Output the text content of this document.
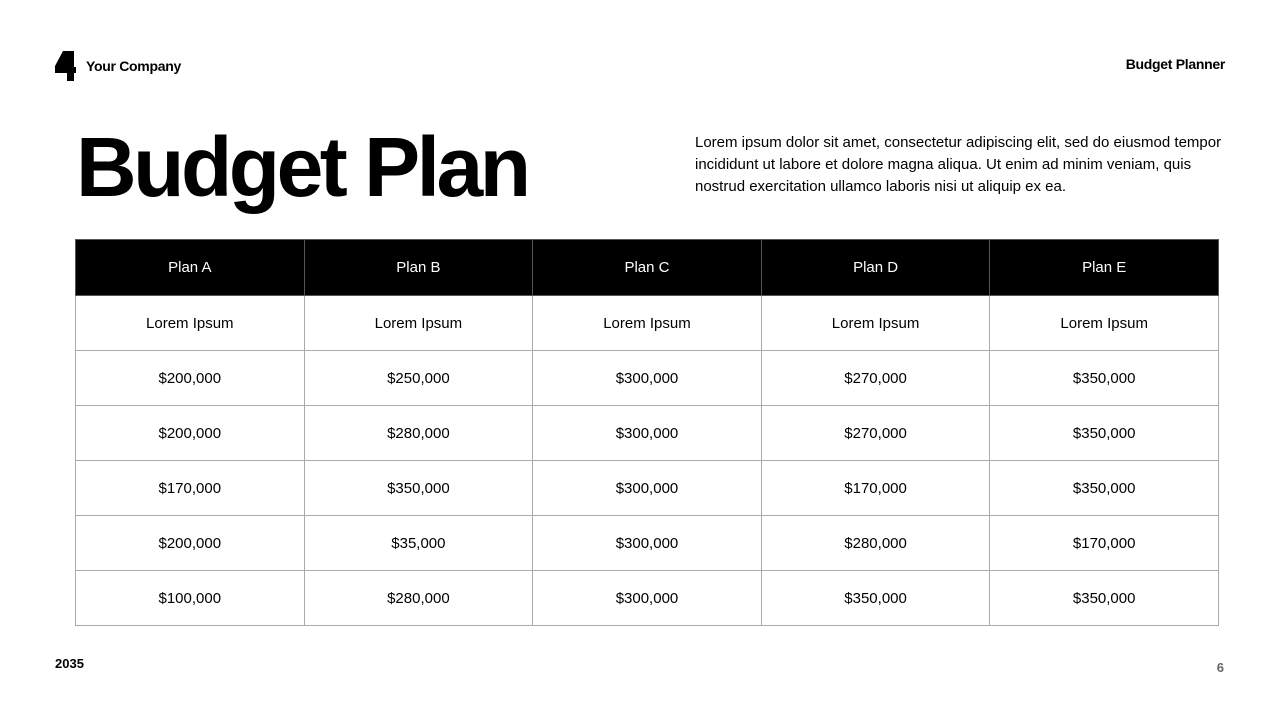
Your Company	Budget Planner
Budget Plan	Lorem ipsum dolor sit amet, consectetur adipiscing elit, sed do eiusmod tempor incididunt ut labore et dolore magna aliqua. Ut enim ad minim veniam, quis nostrud exercitation ullamco laboris nisi ut aliquip ex ea.

Plan A	Plan B	Plan C	Plan D	Plan E
Lorem Ipsum	Lorem Ipsum	Lorem Ipsum	Lorem Ipsum	Lorem Ipsum
$200,000	$250,000	$300,000	$270,000	$350,000
$200,000	$280,000	$300,000	$270,000	$350,000
$170,000	$350,000	$300,000	$170,000	$350,000
$200,000	$35,000	$300,000	$280,000	$170,000
$100,000	$280,000	$300,000	$350,000	$350,000
2035	6
